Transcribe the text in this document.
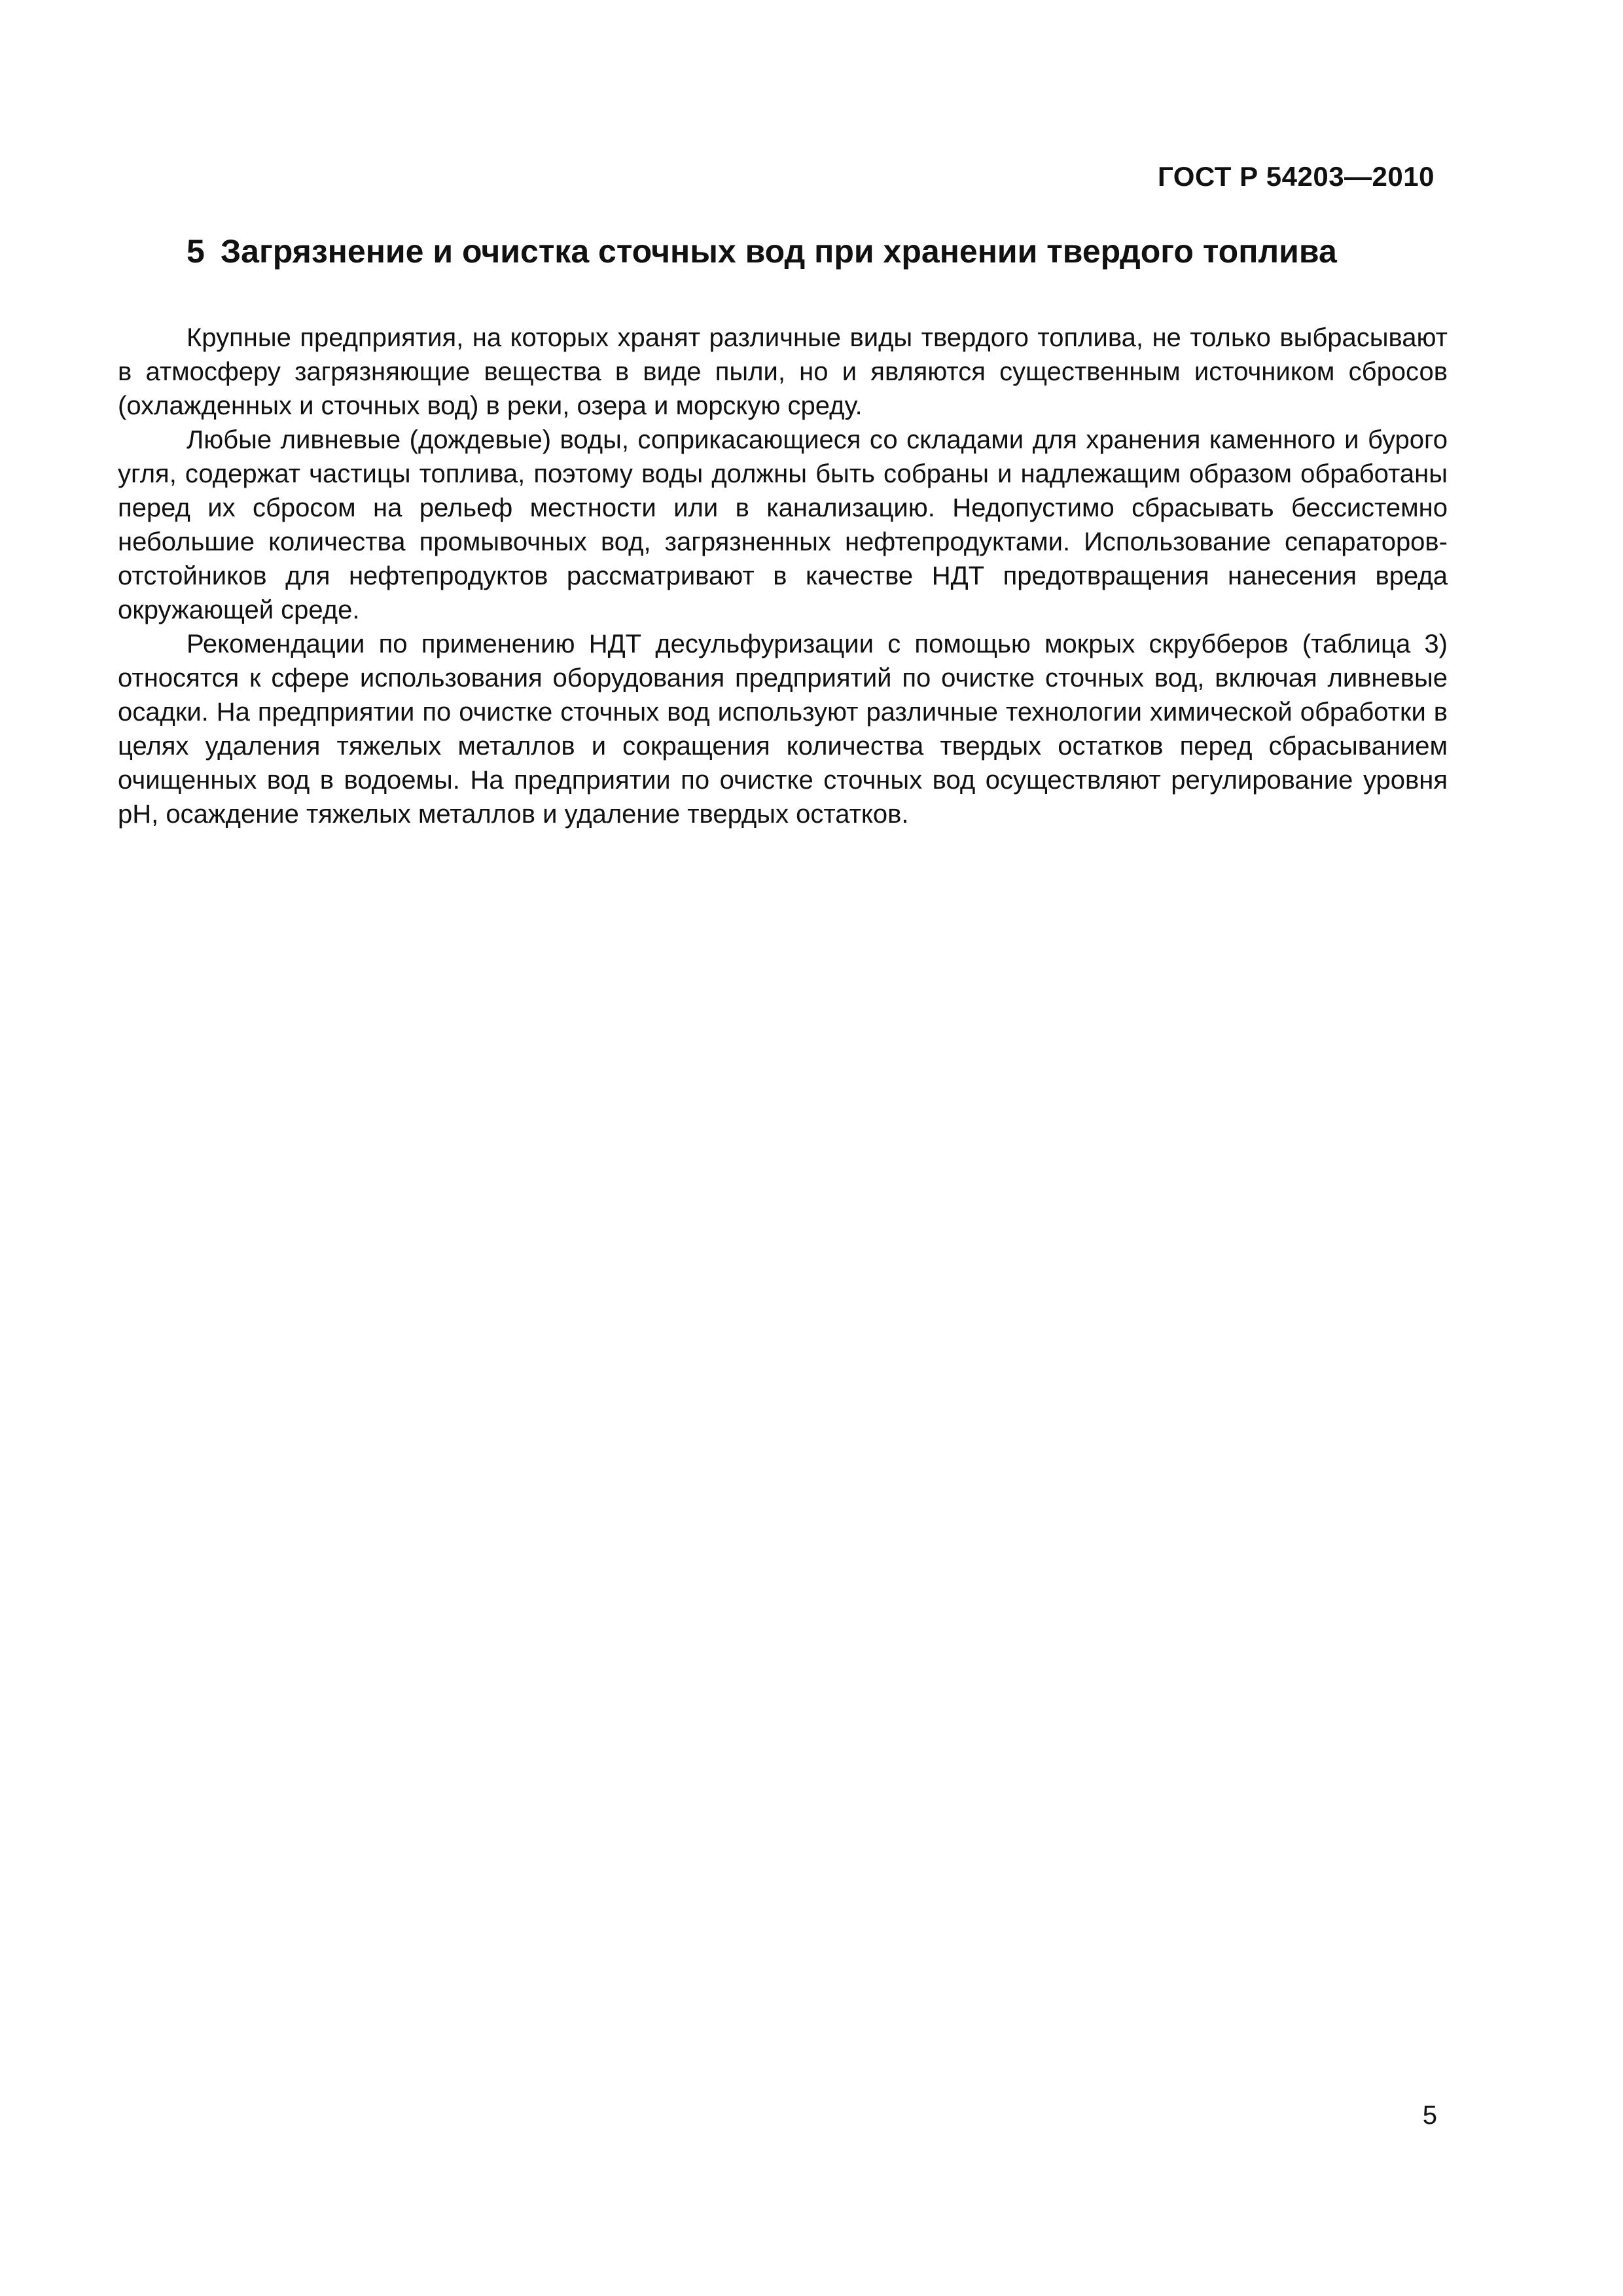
ГОСТ Р 54203—2010
5 Загрязнение и очистка сточных вод при хранении твердого топлива

Крупные предприятия, на которых хранят различные виды твердого топлива, не только выбрасывают в атмосферу загрязняющие вещества в виде пыли, но и являются существенным источником сбросов (охлажденных и сточных вод) в реки, озера и морскую среду.

Любые ливневые (дождевые) воды, соприкасающиеся со складами для хранения каменного и бурого угля, содержат частицы топлива, поэтому воды должны быть собраны и надлежащим образом обработаны перед их сбросом на рельеф местности или в канализацию. Недопустимо сбрасывать бессистемно небольшие количества промывочных вод, загрязненных нефтепродуктами. Использование сепараторов-отстойников для нефтепродуктов рассматривают в качестве НДТ предотвращения нанесения вреда окружающей среде.

Рекомендации по применению НДТ десульфуризации с помощью мокрых скрубберов (таблица 3) относятся к сфере использования оборудования предприятий по очистке сточных вод, включая ливневые осадки. На предприятии по очистке сточных вод используют различные технологии химической обработки в целях удаления тяжелых металлов и сокращения количества твердых остатков перед сбрасыванием очищенных вод в водоемы. На предприятии по очистке сточных вод осуществляют регулирование уровня pH, осаждение тяжелых металлов и удаление твердых остатков.

5
